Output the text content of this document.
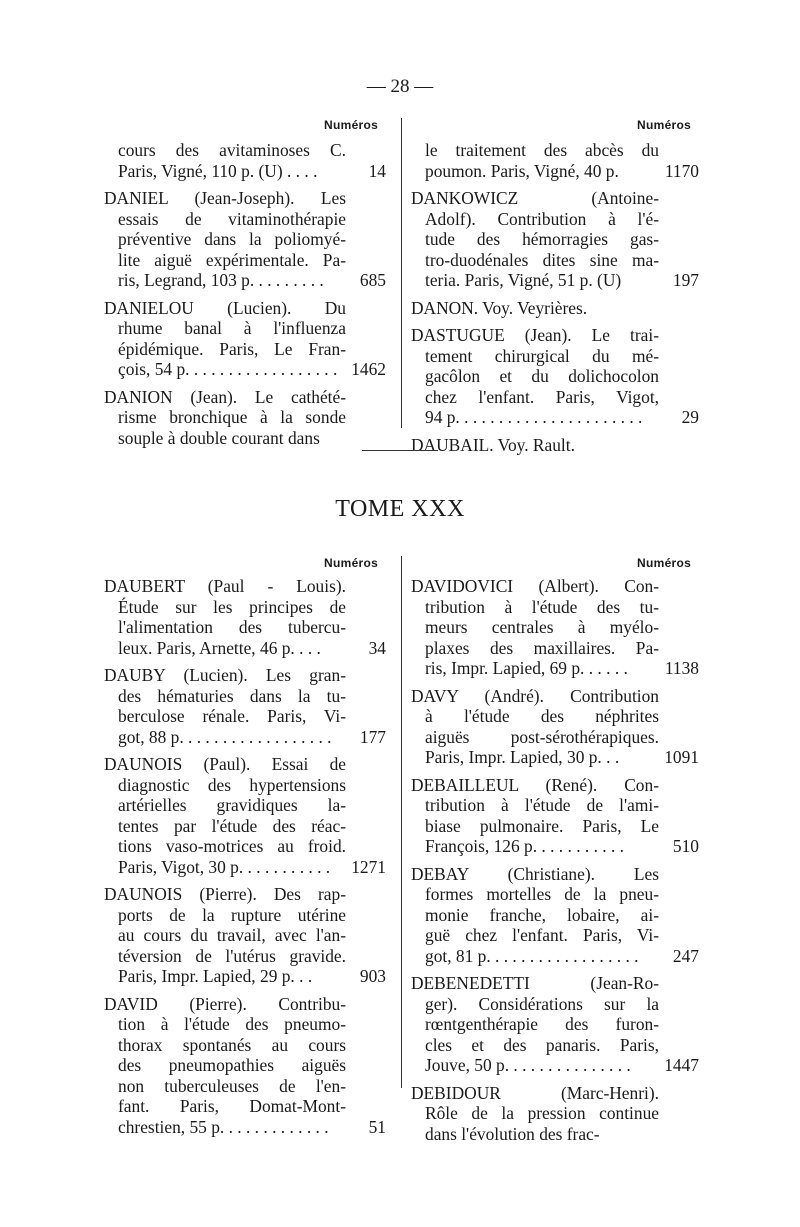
— 28 —
Numéros	Numéros
cours des avitaminoses C.
Paris, Vigné, 110 p. (U) . . . .	14
DANIEL (Jean-Joseph). Les
essais de vitaminothérapie
préventive dans la poliomyé-
lite aiguë expérimentale. Pa-
ris, Legrand, 103 p. . . . . . . . .	685
DANIELOU (Lucien). Du
rhume banal à l'influenza
épidémique. Paris, Le Fran-
çois, 54 p. . . . . . . . . . . . . . . . . . 1462
DANION (Jean). Le cathété-
risme bronchique à la sonde
souple à double courant dans
le traitement des abcès du
poumon. Paris, Vigné, 40 p.	1170
DANKOWICZ (Antoine-
Adolf). Contribution à l'é-
tude des hémorragies gas-
tro-duodénales dites sine ma-
teria. Paris, Vigné, 51 p. (U)	197
DANON. Voy. Veyrières.
DASTUGUE (Jean). Le trai-
tement chirurgical du mé-
gacôlon et du dolichocolon
chez l'enfant. Paris, Vigot,
94 p. . . . . . . . . . . . . . . . . . . . . .	29
DAUBAIL. Voy. Rault.
TOME XXX
Numéros	Numéros
DAUBERT (Paul - Louis).
Étude sur les principes de
l'alimentation des tubercu-
leux. Paris, Arnette, 46 p. . . .	34
DAUBY (Lucien). Les gran-
des hématuries dans la tu-
berculose rénale. Paris, Vi-
got, 88 p. . . . . . . . . . . . . . . . . .	177
DAUNOIS (Paul). Essai de
diagnostic des hypertensions
artérielles gravidiques la-
tentes par l'étude des réac-
tions vaso-motrices au froid.
Paris, Vigot, 30 p. . . . . . . . . . .	1271
DAUNOIS (Pierre). Des rap-
ports de la rupture utérine
au cours du travail, avec l'an-
téversion de l'utérus gravide.
Paris, Impr. Lapied, 29 p. . .	903
DAVID (Pierre). Contribu-
tion à l'étude des pneumo-
thorax spontanés au cours
des pneumopathies aiguës
non tuberculeuses de l'en-
fant. Paris, Domat-Mont-
chrestien, 55 p. . . . . . . . . . . . .	51
DAVIDOVICI (Albert). Con-
tribution à l'étude des tu-
meurs centrales à myélo-
plaxes des maxillaires. Pa-
ris, Impr. Lapied, 69 p. . . . . .	1138
DAVY (André). Contribution
à l'étude des néphrites
aiguës post-sérothérapiques.
Paris, Impr. Lapied, 30 p. . .	1091
DEBAILLEUL (René). Con-
tribution à l'étude de l'ami-
biase pulmonaire. Paris, Le
François, 126 p. . . . . . . . . . .	510
DEBAY (Christiane). Les
formes mortelles de la pneu-
monie franche, lobaire, ai-
guë chez l'enfant. Paris, Vi-
got, 81 p. . . . . . . . . . . . . . . . . .	247
DEBENEDETTI (Jean-Ro-
ger). Considérations sur la
rœntgenthérapie des furon-
cles et des panaris. Paris,
Jouve, 50 p. . . . . . . . . . . . . . .	1447
DEBIDOUR (Marc-Henri).
Rôle de la pression continue
dans l'évolution des frac-
